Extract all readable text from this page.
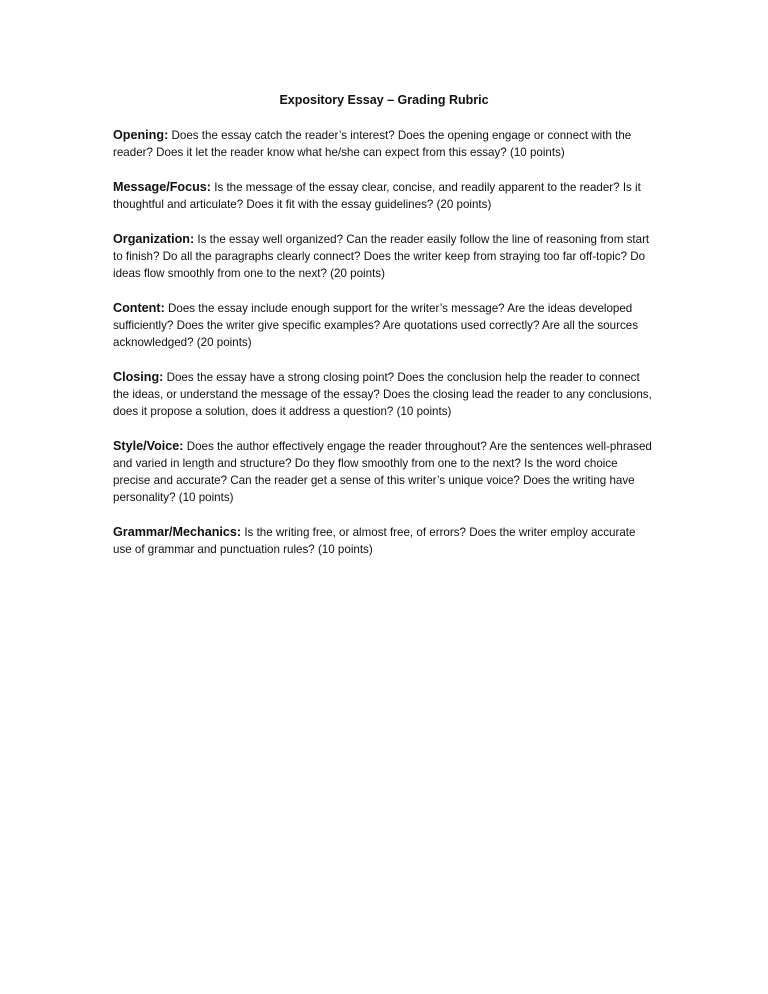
Expository Essay – Grading Rubric

Opening: Does the essay catch the reader’s interest? Does the opening engage or connect with the reader? Does it let the reader know what he/she can expect from this essay? (10 points)

Message/Focus: Is the message of the essay clear, concise, and readily apparent to the reader? Is it thoughtful and articulate? Does it fit with the essay guidelines? (20 points)

Organization: Is the essay well organized? Can the reader easily follow the line of reasoning from start to finish? Do all the paragraphs clearly connect? Does the writer keep from straying too far off-topic? Do ideas flow smoothly from one to the next? (20 points)

Content: Does the essay include enough support for the writer’s message? Are the ideas developed sufficiently? Does the writer give specific examples? Are quotations used correctly? Are all the sources acknowledged? (20 points)

Closing: Does the essay have a strong closing point? Does the conclusion help the reader to connect the ideas, or understand the message of the essay? Does the closing lead the reader to any conclusions, does it propose a solution, does it address a question? (10 points)

Style/Voice: Does the author effectively engage the reader throughout? Are the sentences well-phrased and varied in length and structure? Do they flow smoothly from one to the next? Is the word choice precise and accurate? Can the reader get a sense of this writer’s unique voice? Does the writing have personality? (10 points)

Grammar/Mechanics: Is the writing free, or almost free, of errors? Does the writer employ accurate use of grammar and punctuation rules? (10 points)
